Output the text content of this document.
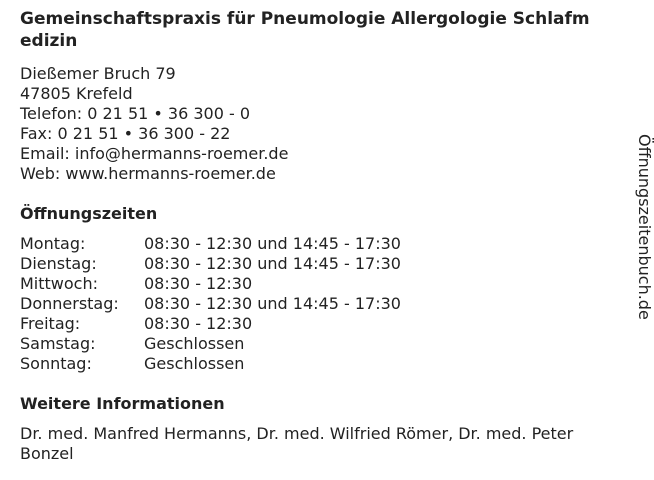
Gemeinschaftspraxis für Pneumologie Allergologie Schlafmedizin
Dießemer Bruch 79
47805 Krefeld
Telefon: 0 21 51 • 36 300 - 0
Fax: 0 21 51 • 36 300 - 22
Email: info@hermanns-roemer.de
Web: www.hermanns-roemer.de
Öffnungszeiten
Montag:	08:30 - 12:30 und 14:45 - 17:30
Dienstag:	08:30 - 12:30 und 14:45 - 17:30
Mittwoch:	08:30 - 12:30
Donnerstag:	08:30 - 12:30 und 14:45 - 17:30
Freitag:	08:30 - 12:30
Samstag:	Geschlossen
Sonntag:	Geschlossen
Weitere Informationen
Dr. med. Manfred Hermanns, Dr. med. Wilfried Römer, Dr. med. Peter Bonzel
Öffnungszeitenbuch.de
